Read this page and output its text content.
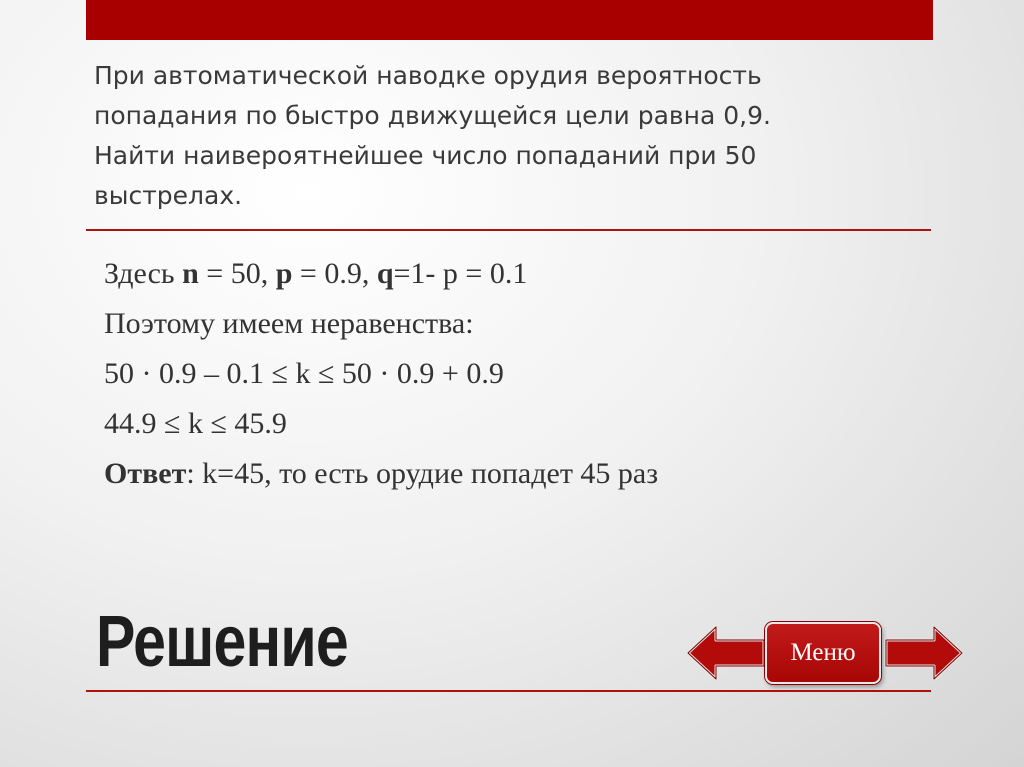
При автоматической наводке орудия вероятность
попадания по быстро движущейся цели равна 0,9.
Найти наивероятнейшее число попаданий при 50
выстрелах.
Здесь n = 50, p = 0.9, q=1- p = 0.1
Поэтому имеем неравенства:
50 · 0.9 – 0.1 ≤ k ≤ 50 · 0.9 + 0.9
44.9 ≤ k ≤ 45.9
Ответ: k=45, то есть орудие попадет 45 раз
Решение	Меню
